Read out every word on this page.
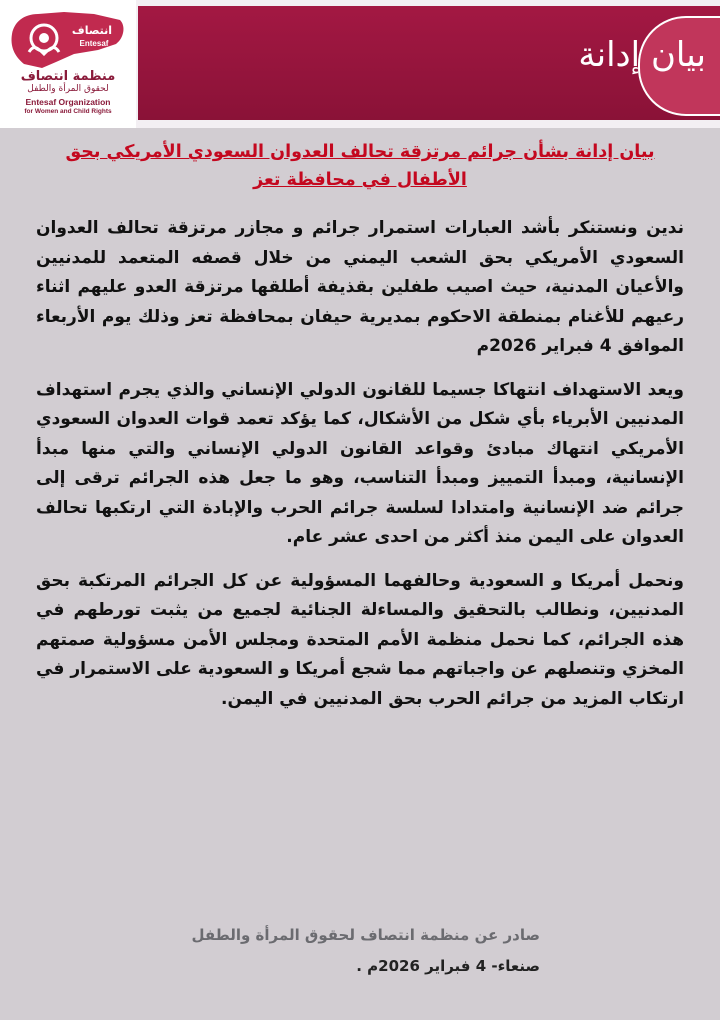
انتصاف
Entesaf
منظمة انتصاف
لحقوق المرأة والطفل
Entesaf Organization
for Women and Child Rights
بيان إدانة
بيان إدانة بشأن جرائم مرتزقة تحالف العدوان السعودي الأمريكي بحق الأطفال في محافظة تعز

ندين ونستنكر بأشد العبارات استمرار جرائم و مجازر مرتزقة تحالف العدوان السعودي الأمريكي بحق الشعب اليمني من خلال قصفه المتعمد للمدنيين والأعيان المدنية، حيث اصيب طفلين بقذيفة أطلقها مرتزقة العدو عليهم اثناء رعيهم للأغنام بمنطقة الاحكوم بمديرية حيفان بمحافظة تعز وذلك يوم الأربعاء الموافق 4 فبراير 2026م

ويعد الاستهداف انتهاكا جسيما للقانون الدولي الإنساني والذي يجرم استهداف المدنيين الأبرياء بأي شكل من الأشكال، كما يؤكد تعمد قوات العدوان السعودي الأمريكي انتهاك مبادئ وقواعد القانون الدولي الإنساني والتي منها مبدأ الإنسانية، ومبدأ التمييز ومبدأ التناسب، وهو ما جعل هذه الجرائم ترقى إلى جرائم ضد الإنسانية وامتدادا لسلسة جرائم الحرب والإبادة التي ارتكبها تحالف العدوان على اليمن منذ أكثر من احدى عشر عام.

ونحمل أمريكا و السعودية وحالفهما المسؤولية عن كل الجرائم المرتكبة بحق المدنيين، ونطالب بالتحقيق والمساءلة الجنائية لجميع من يثبت تورطهم في هذه الجرائم، كما نحمل منظمة الأمم المتحدة ومجلس الأمن مسؤولية صمتهم المخزي وتنصلهم عن واجباتهم مما شجع أمريكا و السعودية على الاستمرار في ارتكاب المزيد من جرائم الحرب بحق المدنيين في اليمن.

صادر عن منظمة انتصاف لحقوق المرأة والطفل
صنعاء- 4 فبراير 2026م .
